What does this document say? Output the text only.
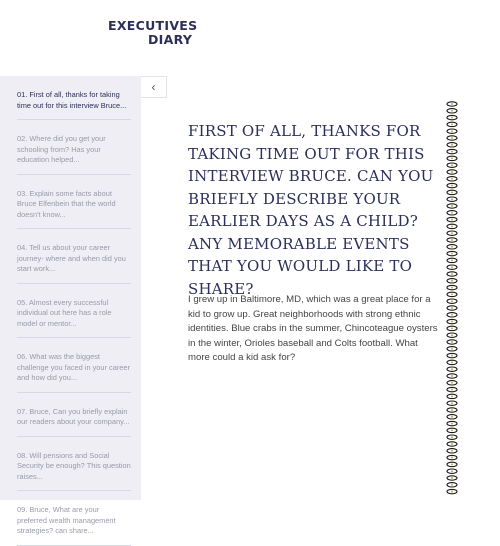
EXECUTIVES
DIARY
01. First of all, thanks for taking time out for this interview Bruce...
02. Where did you get your schooling from? Has your education helped...
03. Explain some facts about Bruce Elfenbein that the world doesn't know...
04. Tell us about your career journey- where and when did you start work...
05. Almost every successful individual out here has a role model or mentor...
06. What was the biggest challenge you faced in your career and how did you...
07. Bruce, Can you briefly explain our readers about your company...
08. Will pensions and Social Security be enough? This question raises...
09. Bruce, What are your preferred wealth management strategies? can share...
‹
FIRST OF ALL, THANKS FOR TAKING TIME OUT FOR THIS INTERVIEW BRUCE. CAN YOU BRIEFLY DESCRIBE YOUR EARLIER DAYS AS A CHILD? ANY MEMORABLE EVENTS THAT YOU WOULD LIKE TO SHARE?
I grew up in Baltimore, MD, which was a great place for a kid to grow up. Great neighborhoods with strong ethnic identities. Blue crabs in the summer, Chincoteague oysters in the winter, Orioles baseball and Colts football. What more could a kid ask for?
